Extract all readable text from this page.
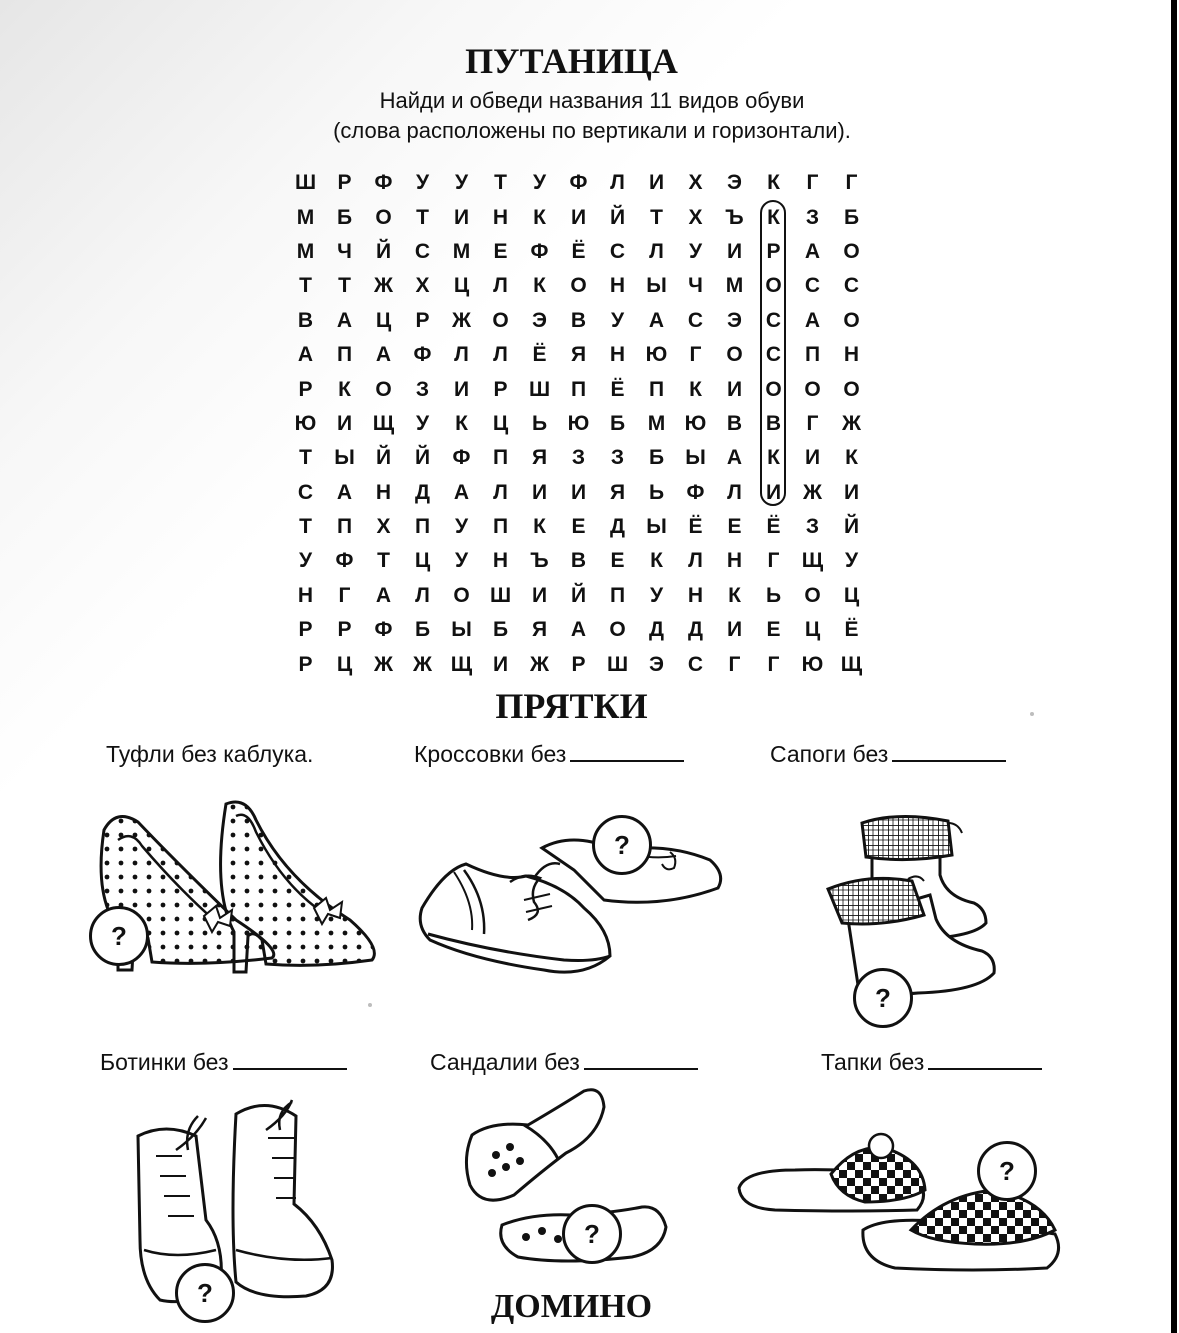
ПУТАНИЦА
Найди и обведи названия 11 видов обуви
(слова расположены по вертикали и горизонтали).
Ш	Р	Ф	У	У	Т	У	Ф	Л	И	Х	Э	К	Г	Г
М	Б	О	Т	И	Н	К	И	Й	Т	Х	Ъ	К	З	Б
М	Ч	Й	С	М	Е	Ф	Ё	С	Л	У	И	Р	А	О
Т	Т	Ж	Х	Ц	Л	К	О	Н	Ы	Ч	М	О	С	С
В	А	Ц	Р	Ж	О	Э	В	У	А	С	Э	С	А	О
А	П	А	Ф	Л	Л	Ё	Я	Н Ю	Г	О	С	П	Н
Р	К	О	З	И	Р	Ш П	Ё	П	К	И	О	О	О
Ю И Щ	У	К	Ц	Ь Ю Б	М Ю В	В	Г	Ж
Т	Ы	Й	Й	Ф	П	Я	З	З	Б	Ы	А	К	И	К
С	А	Н	Д	А	Л	И	И	Я	Ь	Ф	Л	И	Ж	И
Т	П	Х	П	У	П	К	Е	Д	Ы	Ё	Е	Ё	З	Й
У	Ф	Т	Ц	У	Н	Ъ	В	Е	К	Л	Н	Г	Щ	У
Н	Г	А	Л	О Ш И	Й	П	У	Н	К	Ь	О	Ц
Р	Р	Ф	Б	Ы	Б	Я	А	О	Д	Д	И	Е	Ц	Ё
Р	Ц	Ж Ж Щ И	Ж	Р	Ш Э	С	Г	Г	Ю Щ
ПРЯТКИ
Туфли без каблука.	Кроссовки без	Сапоги без
?
?
?
Ботинки без	Сандалии без	Тапки без
?
?
?
ДОМИНО
